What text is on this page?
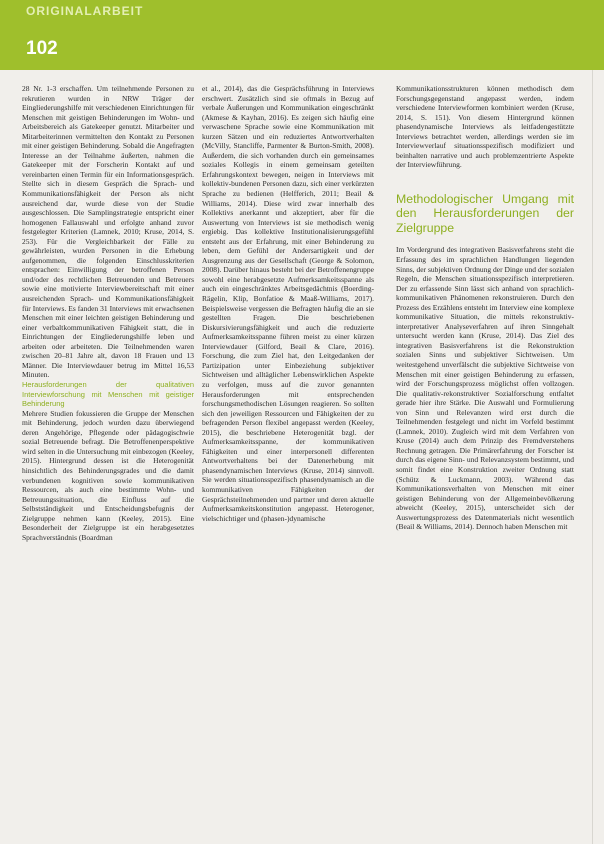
ORIGINALARBEIT
102

28 Nr. 1-3 erschaffen. Um teilnehmende Personen zu rekrutieren wurden in NRW Träger der Eingliederungshilfe mit verschiedenen Einrichtungen für Menschen mit geistigen Behinderungen im Wohn- und Arbeitsbereich als Gatekeeper genutzt. Mitarbeiter und Mitarbeiterinnen vermittelten den Kontakt zu Personen mit einer geistigen Behinderung. Sobald die Angefragten Interesse an der Teilnahme äußerten, nahmen die Gatekeeper mit der Forscherin Kontakt auf und vereinbarten einen Termin für ein Informationsgespräch. Stellte sich in diesem Gespräch die Sprach- und Kommunikationsfähigkeit der Person als nicht ausreichend dar, wurde diese von der Studie ausgeschlossen. Die Samplingstrategie entspricht einer homogenen Fallauswahl und erfolgte anhand zuvor festgelegter Kriterien (Lamnek, 2010; Kruse, 2014, S. 253). Für die Vergleichbarkeit der Fälle zu gewährleisten, wurden Personen in die Erhebung aufgenommen, die folgenden Einschlusskriterien entsprachen: Einwilligung der betroffenen Person und/oder des rechtlichen Betreuenden und Betreuers sowie eine motivierte Interviewbereitschaft mit einer ausreichenden Sprach- und Kommunikationsfähigkeit für Interviews. Es fanden 31 Interviews mit erwachsenen Menschen mit einer leichten geistigen Behinderung und einer verbaltkommunikativen Fähigkeit statt, die in Einrichtungen der Eingliederungshilfe leben und arbeiten oder arbeiteten. Die Teilnehmenden waren zwischen 20–81 Jahre alt, davon 18 Frauen und 13 Männer. Die Interviewdauer betrug im Mittel 16,53 Minuten.

Herausforderungen der qualitativen Interviewforschung mit Menschen mit geistiger Behinderung

Mehrere Studien fokussieren die Gruppe der Menschen mit Behinderung, jedoch wurden dazu überwiegend deren Angehörige, Pflegende oder pädagogischwie sozial Betreuende befragt. Die Betroffenenperspektive wird selten in die Untersuchung mit einbezogen (Keeley, 2015). Hintergrund dessen ist die Heterogenität hinsichtlich des Behinderungsgrades und die damit verbundenen kognitiven sowie kommunikativen Ressourcen, als auch eine bestimmte Wohn- und Betreuungssituation, die Einfluss auf die Selbstständigkeit und Entscheidungsbefugnis der Zielgruppe nehmen kann (Keeley, 2015). Eine Besonderheit der Zielgruppe ist ein herabgesetztes Sprachverständnis (Boardman

et al., 2014), das die Gesprächsführung in Interviews erschwert. Zusätzlich sind sie oftmals in Bezug auf verbale Äußerungen und Kommunikation eingeschränkt (Akmese & Kayhan, 2016). Es zeigen sich häufig eine verwaschene Sprache sowie eine Kommunikation mit kurzen Sätzen und ein reduziertes Antwortverhalten (McVilly, Stancliffe, Parmenter & Burton-Smith, 2008). Außerdem, die sich vorhanden durch ein gemeinsames soziales Kollegis in einem gemeinsam geteilten Erfahrungskontext bewegen, neigen in Interviews mit kollektiv-bundenen Personen dazu, sich einer verkürzten Sprache zu bedienen (Helfferich, 2011; Beail & Williams, 2014). Diese wird zwar innerhalb des Kollektivs anerkannt und akzeptiert, aber für die Auswertung von Interviews ist sie methodisch wenig ergiebig. Das kollektive Institutionalisierungsgefühl entsteht aus der Erfahrung, mit einer Behinderung zu leben, dem Gefühl der Andersartigkeit und der Ausgrenzung aus der Gesellschaft (George & Solomon, 2008). Darüber hinaus besteht bei der Betroffenengruppe sowohl eine herabgesetzte Aufmerksamkeitsspanne als auch ein eingeschränktes Arbeitsgedächtnis (Boerding-Rägelin, Klip, Bonfatioe & Maaß-Williams, 2017). Beispielsweise vergessen die Befragten häufig die an sie gestellten Fragen. Die beschriebenen Diskursivierungsfähigkeit und auch die reduzierte Aufmerksamkeitsspanne führen meist zu einer kürzen Interviewdauer (Gilford, Beail & Clare, 2016). Forschung, die zum Ziel hat, den Leitgedanken der Partizipation unter Einbeziehung subjektiver Sichtweisen und alltäglicher Lebenswirklichen Aspekte zu verfolgen, muss auf die zuvor genannten Herausforderungen mit entsprechenden forschungsmethodischen Lösungen reagieren. So sollten sich den jeweiligen Ressourcen und Fähigkeiten der zu befragenden Person flexibel angepasst werden (Keeley, 2015), die beschriebene Heterogenität bzgl. der Aufmerksamkeitsspanne, der kommunikativen Fähigkeiten und einer interpersonell differenten Antwortverhaltens bei der Datenerhebung mit phasendynamischen Interviews (Kruse, 2014) sinnvoll. Sie werden situationsspezifisch phasendynamisch an die kommunikativen Fähigkeiten der Gesprächsteilnehmenden und partner und deren aktuelle Aufmerksamkeitskonstitution angepasst. Heterogener, vielschichtiger und (phasen-)dynamische

Kommunikationsstrukturen können methodisch dem Forschungsgegenstand angepasst werden, indem verschiedene Interviewformen kombiniert werden (Kruse, 2014, S. 151). Von diesem Hintergrund können phasendynamische Interviews als leitfadengestützte Interviews betrachtet werden, allerdings werden sie im Interviewverlauf situationsspezifisch modifiziert und beinhalten narrative und auch problemzentrierte Aspekte der Interviewführung.

Methodologischer Umgang mit den Herausforderungen der Zielgruppe

Im Vordergrund des integrativen Basisverfahrens steht die Erfassung des im sprachlichen Handlungen liegenden Sinns, der subjektiven Ordnung der Dinge und der sozialen Regeln, die Menschen situationsspezifisch interpretieren. Der zu erfassende Sinn lässt sich anhand von sprachlich-kommunikativen Phänomenen rekonstruieren. Durch den Prozess des Erzählens entsteht im Interview eine komplexe kommunikative Situation, die mittels rekonstruktiv-interpretativer Analyseverfahren auf ihren Sinngehalt untersucht werden kann (Kruse, 2014). Das Ziel des integrativen Basisverfahrens ist die Rekonstruktion sozialen Sinns und subjektiver Sichtweisen. Um weitestgehend unverfälscht die subjektive Sichtweise von Menschen mit einer geistigen Behinderung zu erfassen, wird der Forschungsprozess möglichst offen vollzogen. Die qualitativ-rekonstruktiver Sozialforschung entfaltet gerade hier ihre Stärke. Die Auswahl und Formulierung von Sinn und Relevanzen wird erst durch die Teilnehmenden festgelegt und nicht im Vorfeld bestimmt (Lamnek, 2010). Zugleich wird mit dem Verfahren von Kruse (2014) auch dem Prinzip des Fremdverstehens Rechnung getragen. Die Primärerfahrung der Forscher ist durch das eigene Sinn- und Relevanzsystem bestimmt, und somit findet eine Konstruktion zweiter Ordnung statt (Schütz & Luckmann, 2003). Während das Kommunikationsverhalten von Menschen mit einer geistigen Behinderung von der Allgemeinbevölkerung abweicht (Keeley, 2015), unterscheidet sich der Auswertungsprozess des Datenmaterials nicht wesentlich (Beail & Williams, 2014). Dennoch haben Menschen mit
